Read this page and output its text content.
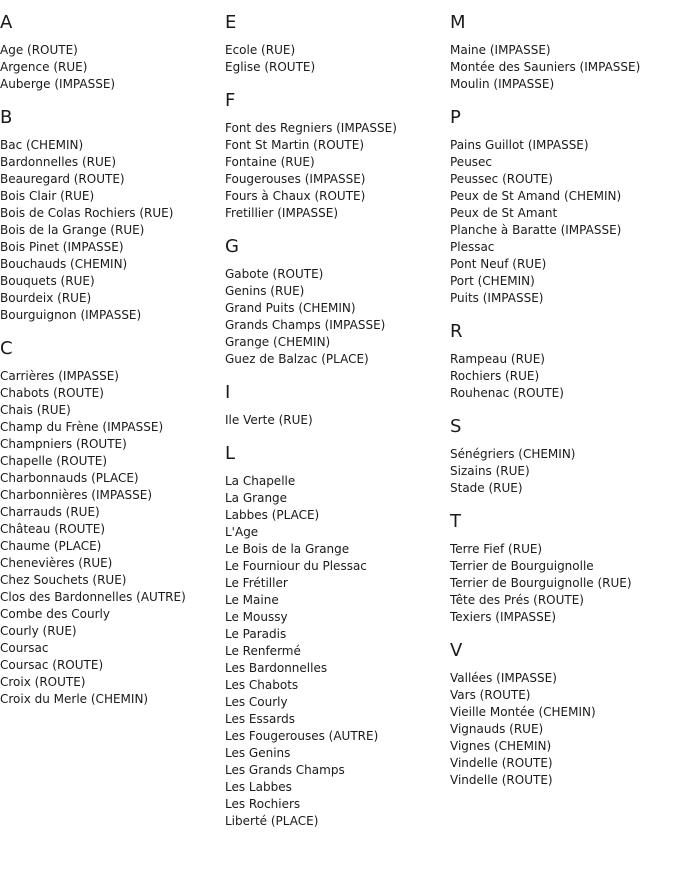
A
Age (ROUTE)
Argence (RUE)
Auberge (IMPASSE)
B
Bac (CHEMIN)
Bardonnelles (RUE)
Beauregard (ROUTE)
Bois Clair (RUE)
Bois de Colas Rochiers (RUE)
Bois de la Grange (RUE)
Bois Pinet (IMPASSE)
Bouchauds (CHEMIN)
Bouquets (RUE)
Bourdeix (RUE)
Bourguignon (IMPASSE)
C
Carrières (IMPASSE)
Chabots (ROUTE)
Chais (RUE)
Champ du Frène (IMPASSE)
Champniers (ROUTE)
Chapelle (ROUTE)
Charbonnauds (PLACE)
Charbonnières (IMPASSE)
Charrauds (RUE)
Château (ROUTE)
Chaume (PLACE)
Chenevières (RUE)
Chez Souchets (RUE)
Clos des Bardonnelles (AUTRE)
Combe des Courly
Courly (RUE)
Coursac
Coursac (ROUTE)
Croix (ROUTE)
Croix du Merle (CHEMIN)
E
Ecole (RUE)
Eglise (ROUTE)
F
Font des Regniers (IMPASSE)
Font St Martin (ROUTE)
Fontaine (RUE)
Fougerouses (IMPASSE)
Fours à Chaux (ROUTE)
Fretillier (IMPASSE)
G
Gabote (ROUTE)
Genins (RUE)
Grand Puits (CHEMIN)
Grands Champs (IMPASSE)
Grange (CHEMIN)
Guez de Balzac (PLACE)
I
Ile Verte (RUE)
L
La Chapelle
La Grange
Labbes (PLACE)
L'Age
Le Bois de la Grange
Le Fourniour du Plessac
Le Frétiller
Le Maine
Le Moussy
Le Paradis
Le Renfermé
Les Bardonnelles
Les Chabots
Les Courly
Les Essards
Les Fougerouses (AUTRE)
Les Genins
Les Grands Champs
Les Labbes
Les Rochiers
Liberté (PLACE)
M
Maine (IMPASSE)
Montée des Sauniers (IMPASSE)
Moulin (IMPASSE)
P
Pains Guillot (IMPASSE)
Peusec
Peussec (ROUTE)
Peux de St Amand (CHEMIN)
Peux de St Amant
Planche à Baratte (IMPASSE)
Plessac
Pont Neuf (RUE)
Port (CHEMIN)
Puits (IMPASSE)
R
Rampeau (RUE)
Rochiers (RUE)
Rouhenac (ROUTE)
S
Sénégriers (CHEMIN)
Sizains (RUE)
Stade (RUE)
T
Terre Fief (RUE)
Terrier de Bourguignolle
Terrier de Bourguignolle (RUE)
Tête des Prés (ROUTE)
Texiers (IMPASSE)
V
Vallées (IMPASSE)
Vars (ROUTE)
Vieille Montée (CHEMIN)
Vignauds (RUE)
Vignes (CHEMIN)
Vindelle (ROUTE)
Vindelle (ROUTE)
